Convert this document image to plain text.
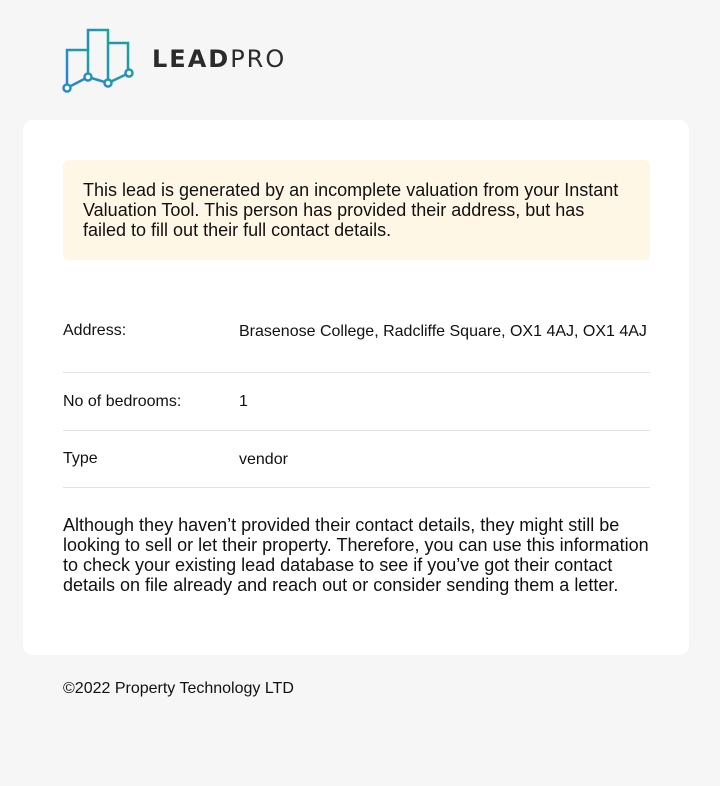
LEADPRO
This lead is generated by an incomplete valuation from your Instant Valuation Tool. This person has provided their address, but has failed to fill out their full contact details.
Address:	Brasenose College, Radcliffe Square, OX1 4AJ, OX1 4AJ
No of bedrooms:	1
Type	vendor
Although they haven’t provided their contact details, they might still be looking to sell or let their property. Therefore, you can use this information to check your existing lead database to see if you’ve got their contact details on file already and reach out or consider sending them a letter.
©2022 Property Technology LTD
